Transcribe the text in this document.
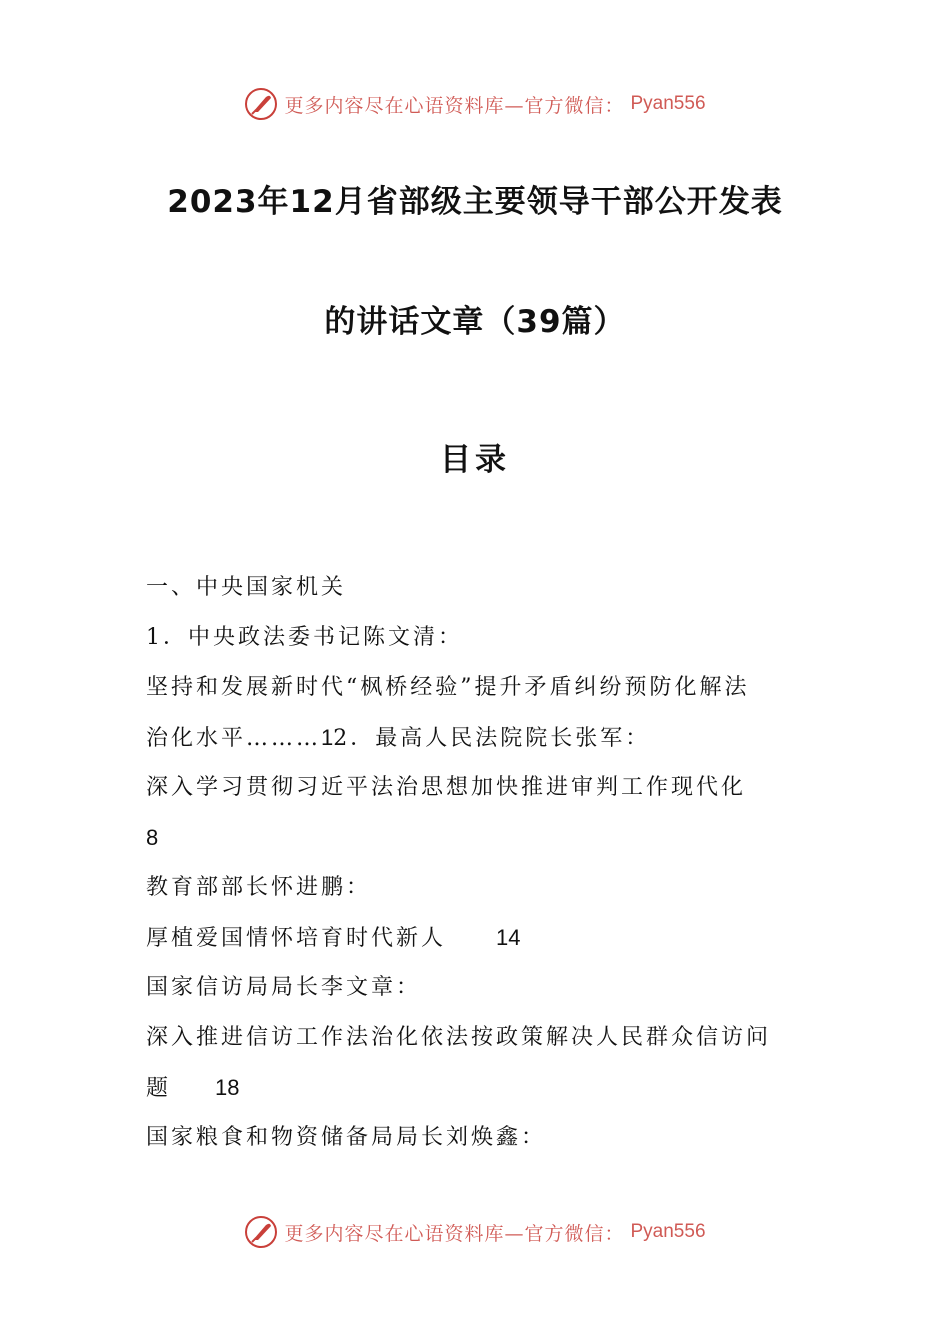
更多内容尽在心语资料库—官方微信： Pyan556
2023年12月省部级主要领导干部公开发表
的讲话文章（39篇）
目录
一、中央国家机关
1．中央政法委书记陈文清：
坚持和发展新时代“枫桥经验”提升矛盾纠纷预防化解法
治化水平………12．最高人民法院院长张军：
深入学习贯彻习近平法治思想加快推进审判工作现代化
8
教育部部长怀进鹏：
厚植爱国情怀培育时代新人 14
国家信访局局长李文章：
深入推进信访工作法治化依法按政策解决人民群众信访问
题 18
国家粮食和物资储备局局长刘焕鑫：
更多内容尽在心语资料库—官方微信： Pyan556
